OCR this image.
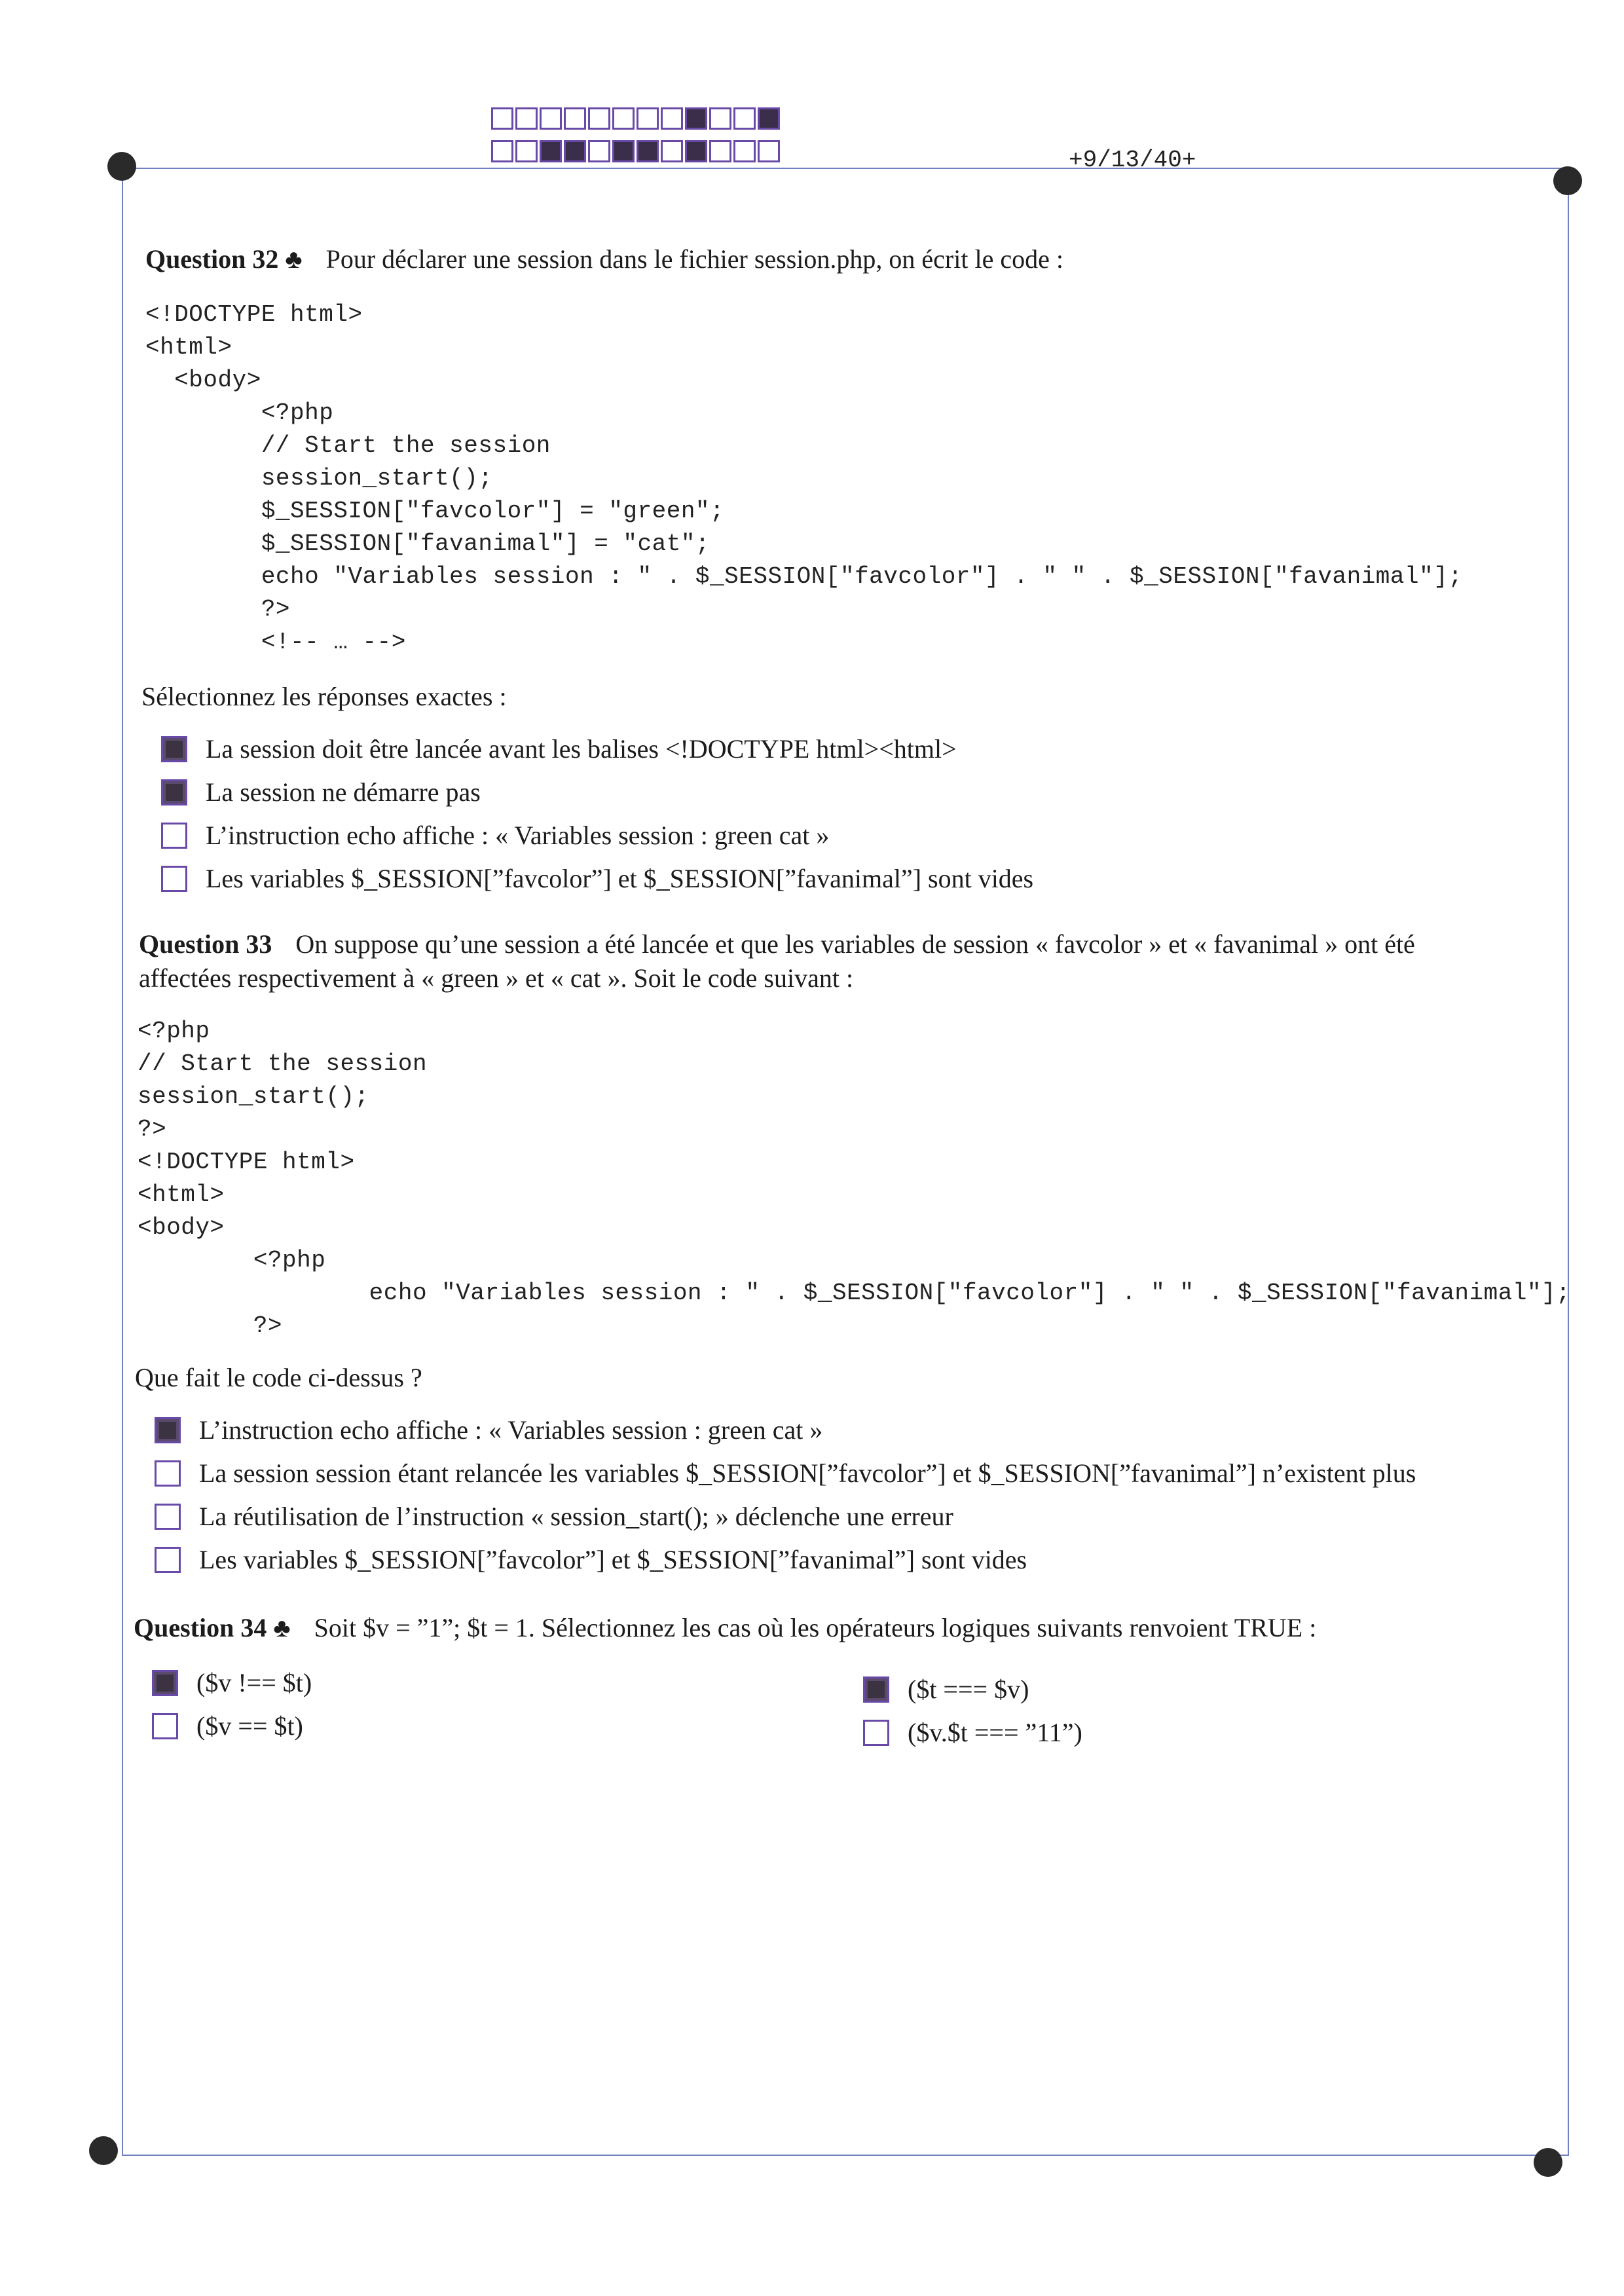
+9/13/40+
Question 32 ♣ Pour déclarer une session dans le fichier session.php, on écrit le code :
<!DOCTYPE html>
<html>
<body>
<?php
// Start the session
session_start();
$_SESSION["favcolor"] = "green";
$_SESSION["favanimal"] = "cat";
echo "Variables session : " . $_SESSION["favcolor"] . " " . $_SESSION["favanimal"];
?>
<!-- … -->
Sélectionnez les réponses exactes :
La session doit être lancée avant les balises <!DOCTYPE html><html>
La session ne démarre pas
L’instruction echo affiche : « Variables session : green cat »
Les variables $_SESSION[”favcolor”] et $_SESSION[”favanimal”] sont vides
Question 33 On suppose qu’une session a été lancée et que les variables de session « favcolor » et « favanimal » ont été
affectées respectivement à « green » et « cat ». Soit le code suivant :
<?php
// Start the session
session_start();
?>
<!DOCTYPE html>
<html>
<body>
<?php
echo "Variables session : " . $_SESSION["favcolor"] . " " . $_SESSION["favanimal"];
?>
Que fait le code ci-dessus ?
L’instruction echo affiche : « Variables session : green cat »
La session session étant relancée les variables $_SESSION[”favcolor”] et $_SESSION[”favanimal”] n’existent plus
La réutilisation de l’instruction « session_start(); » déclenche une erreur
Les variables $_SESSION[”favcolor”] et $_SESSION[”favanimal”] sont vides
Question 34 ♣ Soit $v = ”1”; $t = 1. Sélectionnez les cas où les opérateurs logiques suivants renvoient TRUE :
($v !== $t)
($v == $t)
($t === $v)
($v.$t === ”11”)
